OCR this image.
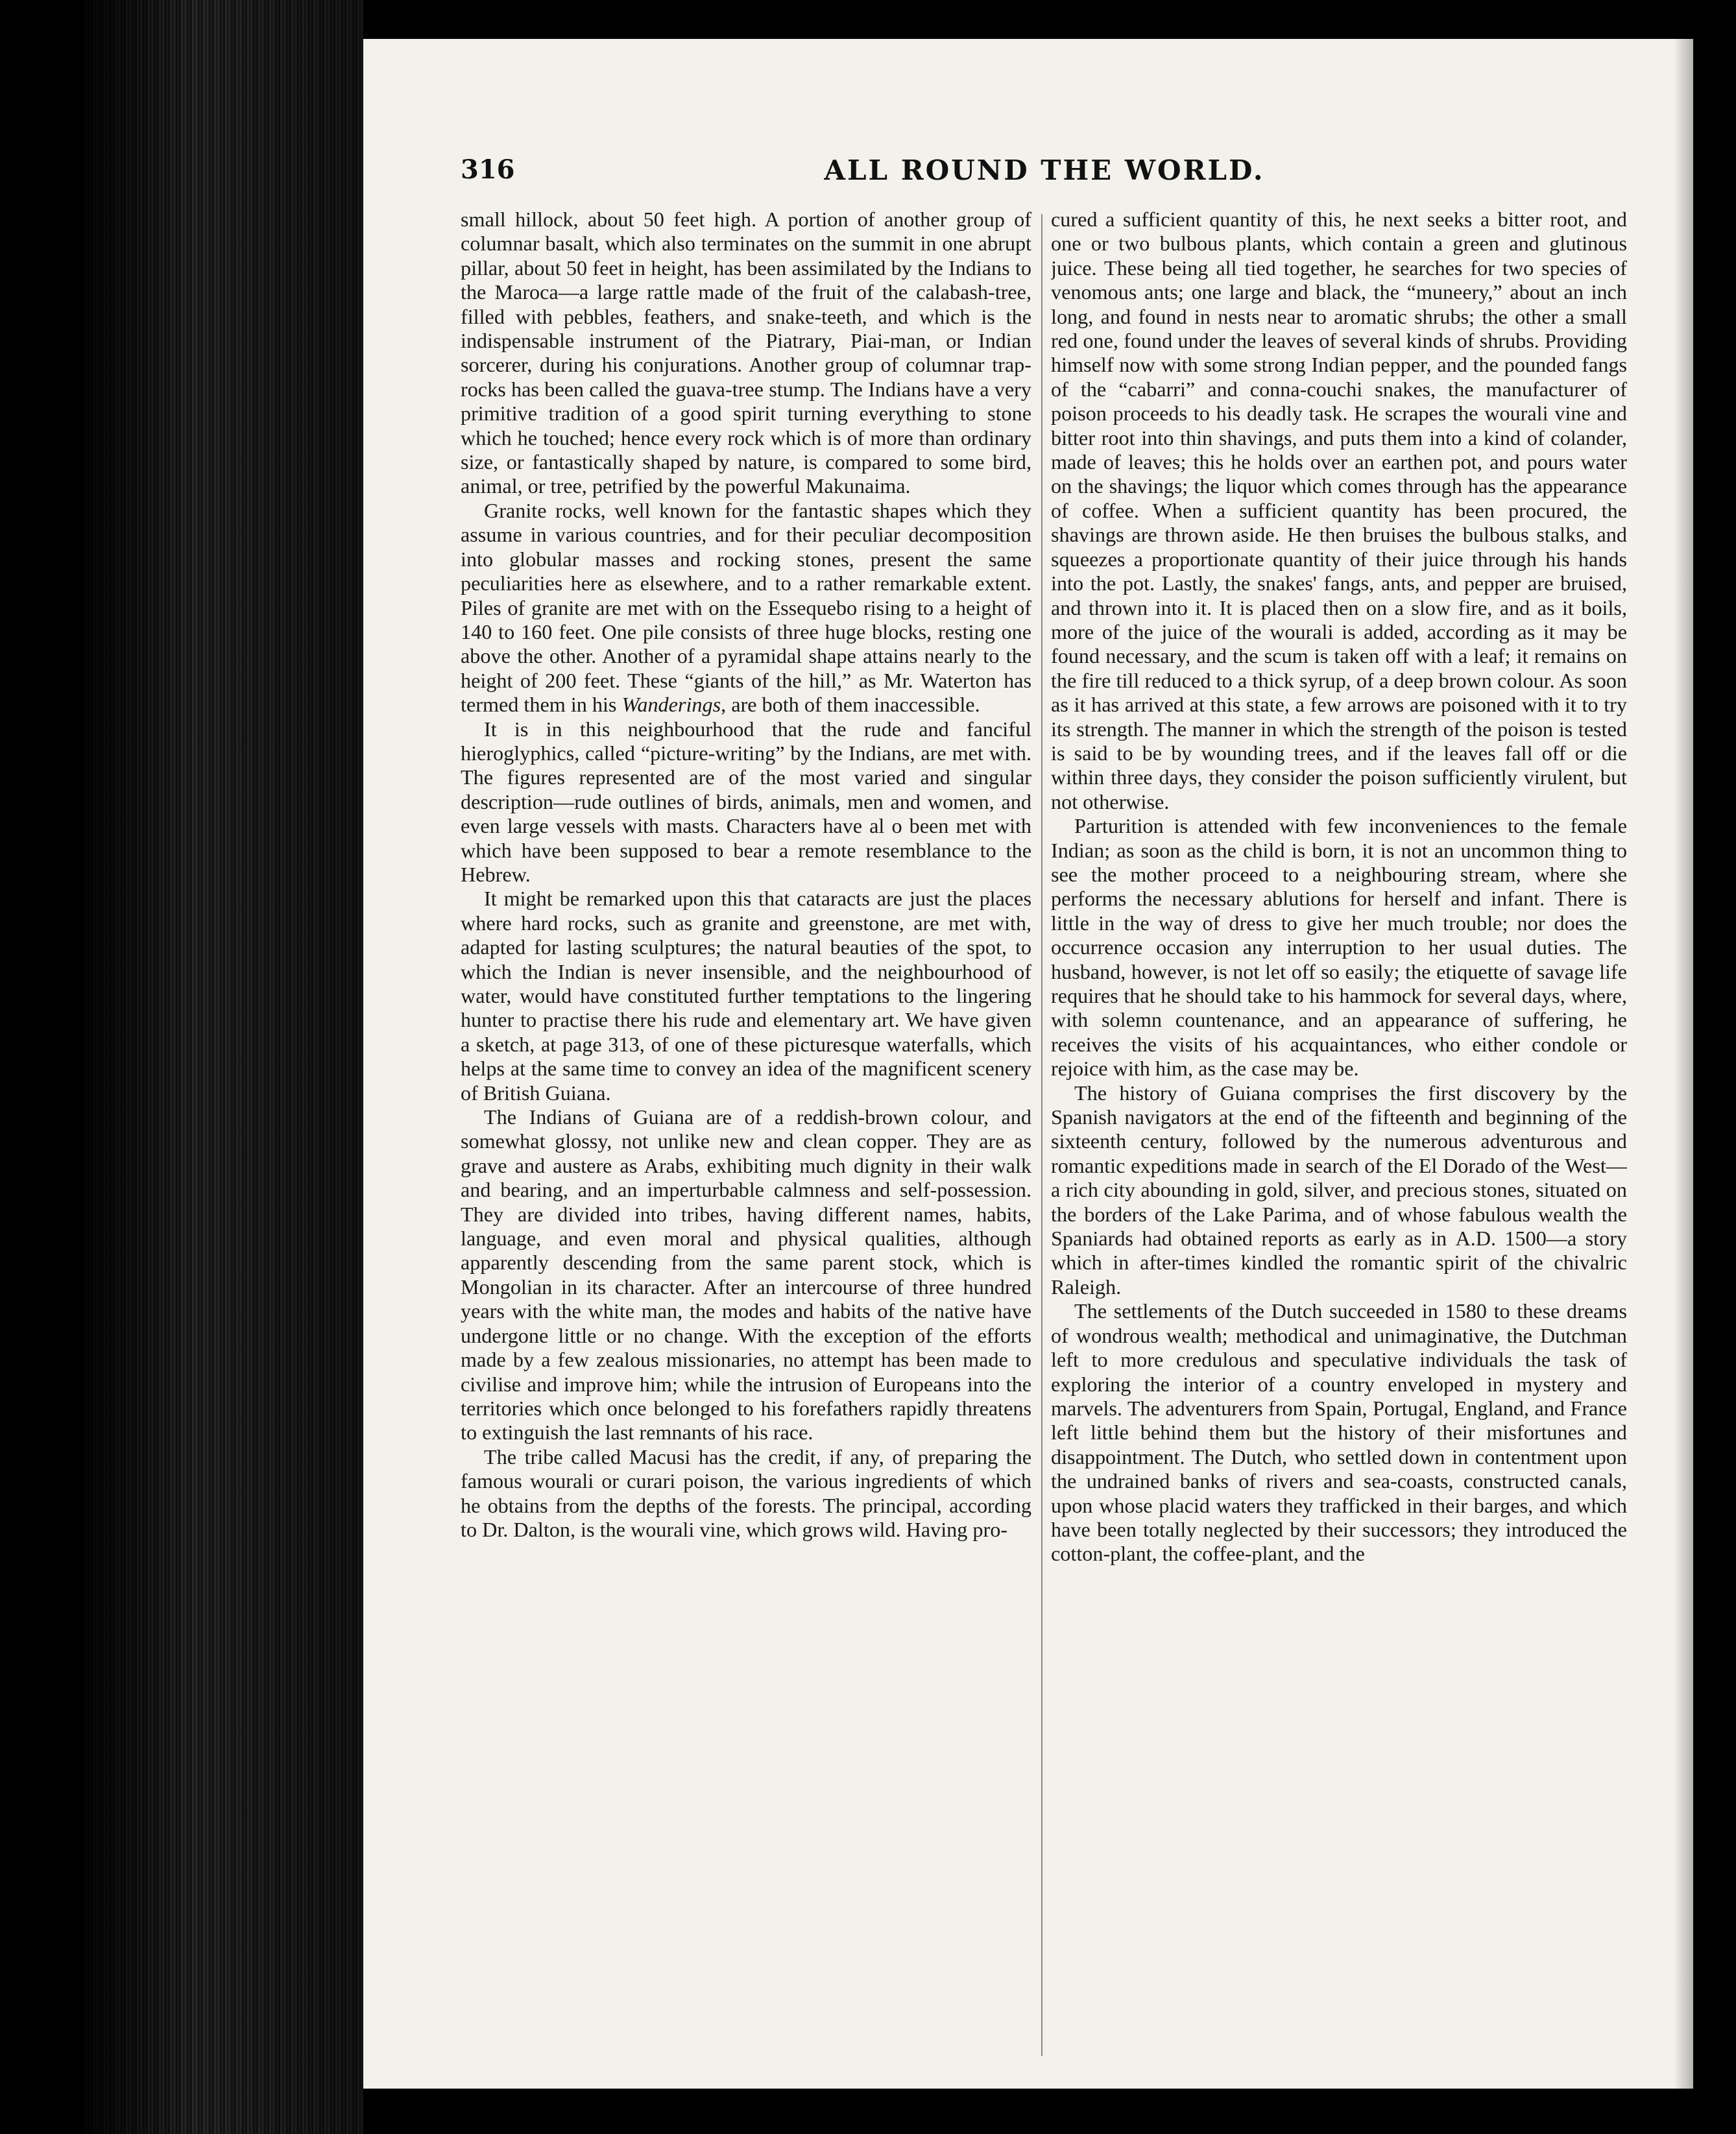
ALL ROUND THE WORLD.
316

small hillock, about 50 feet high. A portion of another group of columnar basalt, which also terminates on the summit in one abrupt pillar, about 50 feet in height, has been assimilated by the Indians to the Maroca—a large rattle made of the fruit of the calabash-tree, filled with pebbles, feathers, and snake-teeth, and which is the indispensable instrument of the Piatrary, Piai-man, or Indian sorcerer, during his conjurations. Another group of columnar trap-rocks has been called the guava-tree stump. The Indians have a very primitive tradition of a good spirit turning everything to stone which he touched; hence every rock which is of more than ordinary size, or fantastically shaped by nature, is compared to some bird, animal, or tree, petrified by the powerful Makunaima.

Granite rocks, well known for the fantastic shapes which they assume in various countries, and for their peculiar decomposition into globular masses and rocking stones, present the same peculiarities here as elsewhere, and to a rather remarkable extent. Piles of granite are met with on the Essequebo rising to a height of 140 to 160 feet. One pile consists of three huge blocks, resting one above the other. Another of a pyramidal shape attains nearly to the height of 200 feet. These “giants of the hill,” as Mr. Waterton has termed them in his Wanderings, are both of them inaccessible.

It is in this neighbourhood that the rude and fanciful hieroglyphics, called “picture-writing” by the Indians, are met with. The figures represented are of the most varied and singular description—rude outlines of birds, animals, men and women, and even large vessels with masts. Characters have al o been met with which have been supposed to bear a remote resemblance to the Hebrew.

It might be remarked upon this that cataracts are just the places where hard rocks, such as granite and greenstone, are met with, adapted for lasting sculptures; the natural beauties of the spot, to which the Indian is never insensible, and the neighbourhood of water, would have constituted further temptations to the lingering hunter to practise there his rude and elementary art. We have given a sketch, at page 313, of one of these picturesque waterfalls, which helps at the same time to convey an idea of the magnificent scenery of British Guiana.

The Indians of Guiana are of a reddish-brown colour, and somewhat glossy, not unlike new and clean copper. They are as grave and austere as Arabs, exhibiting much dignity in their walk and bearing, and an imperturbable calmness and self-possession. They are divided into tribes, having different names, habits, language, and even moral and physical qualities, although apparently descending from the same parent stock, which is Mongolian in its character. After an intercourse of three hundred years with the white man, the modes and habits of the native have undergone little or no change. With the exception of the efforts made by a few zealous missionaries, no attempt has been made to civilise and improve him; while the intrusion of Europeans into the territories which once belonged to his forefathers rapidly threatens to extinguish the last remnants of his race.

The tribe called Macusi has the credit, if any, of preparing the famous wourali or curari poison, the various ingredients of which he obtains from the depths of the forests. The principal, according to Dr. Dalton, is the wourali vine, which grows wild. Having pro-

cured a sufficient quantity of this, he next seeks a bitter root, and one or two bulbous plants, which contain a green and glutinous juice. These being all tied together, he searches for two species of venomous ants; one large and black, the “muneery,” about an inch long, and found in nests near to aromatic shrubs; the other a small red one, found under the leaves of several kinds of shrubs. Providing himself now with some strong Indian pepper, and the pounded fangs of the “cabarri” and conna-couchi snakes, the manufacturer of poison proceeds to his deadly task. He scrapes the wourali vine and bitter root into thin shavings, and puts them into a kind of colander, made of leaves; this he holds over an earthen pot, and pours water on the shavings; the liquor which comes through has the appearance of coffee. When a sufficient quantity has been procured, the shavings are thrown aside. He then bruises the bulbous stalks, and squeezes a proportionate quantity of their juice through his hands into the pot. Lastly, the snakes' fangs, ants, and pepper are bruised, and thrown into it. It is placed then on a slow fire, and as it boils, more of the juice of the wourali is added, according as it may be found necessary, and the scum is taken off with a leaf; it remains on the fire till reduced to a thick syrup, of a deep brown colour. As soon as it has arrived at this state, a few arrows are poisoned with it to try its strength. The manner in which the strength of the poison is tested is said to be by wounding trees, and if the leaves fall off or die within three days, they consider the poison sufficiently virulent, but not otherwise.

Parturition is attended with few inconveniences to the female Indian; as soon as the child is born, it is not an uncommon thing to see the mother proceed to a neighbouring stream, where she performs the necessary ablutions for herself and infant. There is little in the way of dress to give her much trouble; nor does the occurrence occasion any interruption to her usual duties. The husband, however, is not let off so easily; the etiquette of savage life requires that he should take to his hammock for several days, where, with solemn countenance, and an appearance of suffering, he receives the visits of his acquaintances, who either condole or rejoice with him, as the case may be.

The history of Guiana comprises the first discovery by the Spanish navigators at the end of the fifteenth and beginning of the sixteenth century, followed by the numerous adventurous and romantic expeditions made in search of the El Dorado of the West—a rich city abounding in gold, silver, and precious stones, situated on the borders of the Lake Parima, and of whose fabulous wealth the Spaniards had obtained reports as early as in A.D. 1500—a story which in after-times kindled the romantic spirit of the chivalric Raleigh.

The settlements of the Dutch succeeded in 1580 to these dreams of wondrous wealth; methodical and unimaginative, the Dutchman left to more credulous and speculative individuals the task of exploring the interior of a country enveloped in mystery and marvels. The adventurers from Spain, Portugal, England, and France left little behind them but the history of their misfortunes and disappointment. The Dutch, who settled down in contentment upon the undrained banks of rivers and sea-coasts, constructed canals, upon whose placid waters they trafficked in their barges, and which have been totally neglected by their successors; they introduced the cotton-plant, the coffee-plant, and the
